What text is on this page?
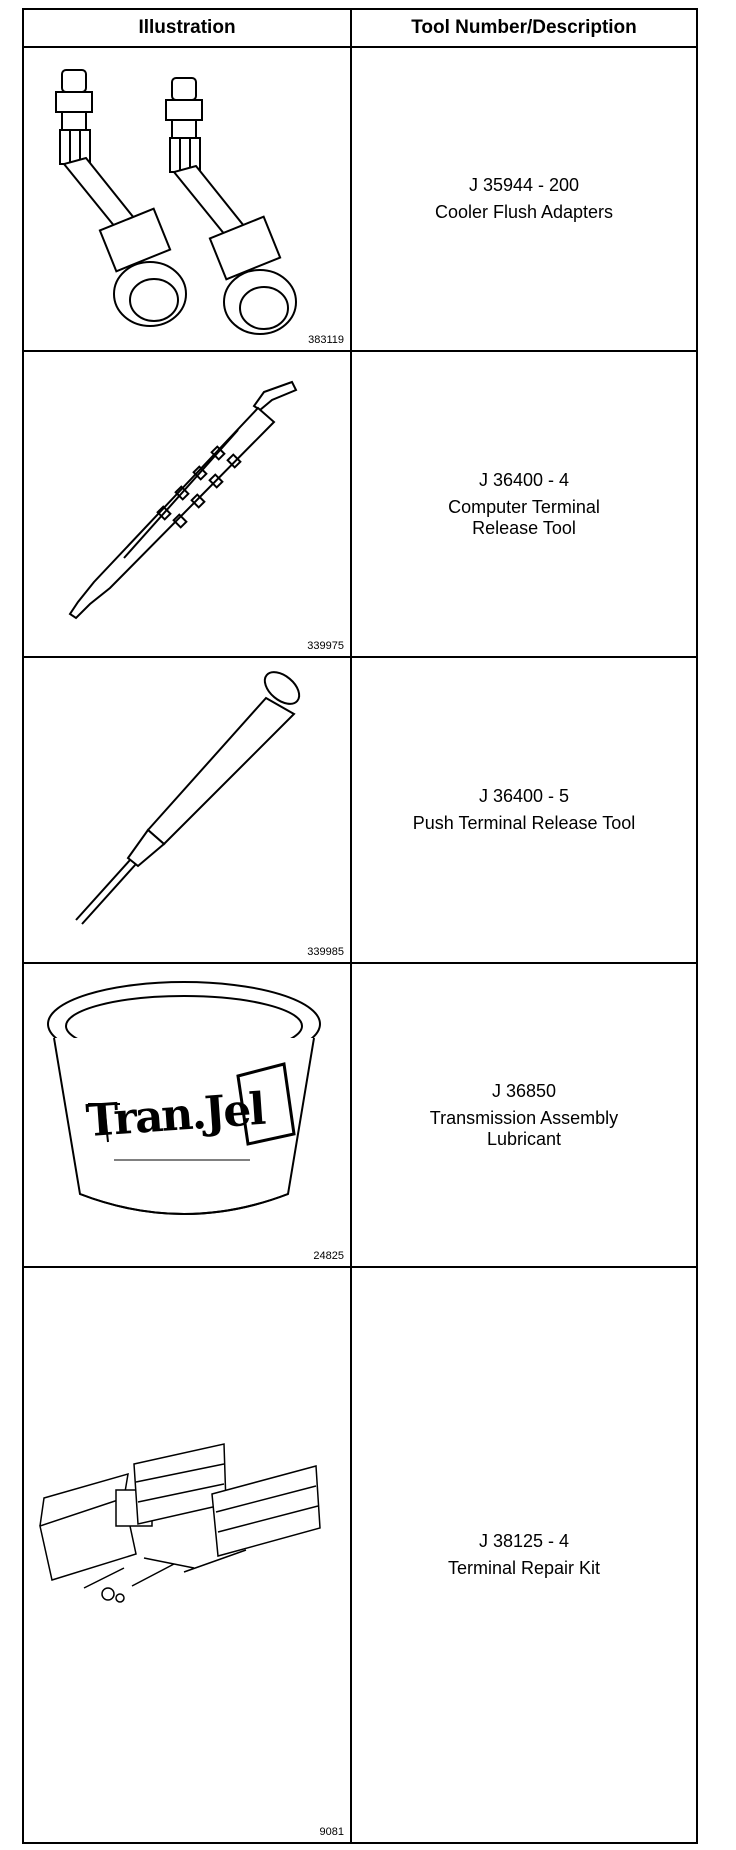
Illustration	Tool Number/Description
383119
J 35944 - 200
Cooler Flush Adapters
339975
J 36400 - 4
Computer Terminal
Release Tool
339985
J 36400 - 5
Push Terminal Release Tool
Tran.Jel
24825
J 36850
Transmission Assembly
Lubricant
9081
J 38125 - 4
Terminal Repair Kit
